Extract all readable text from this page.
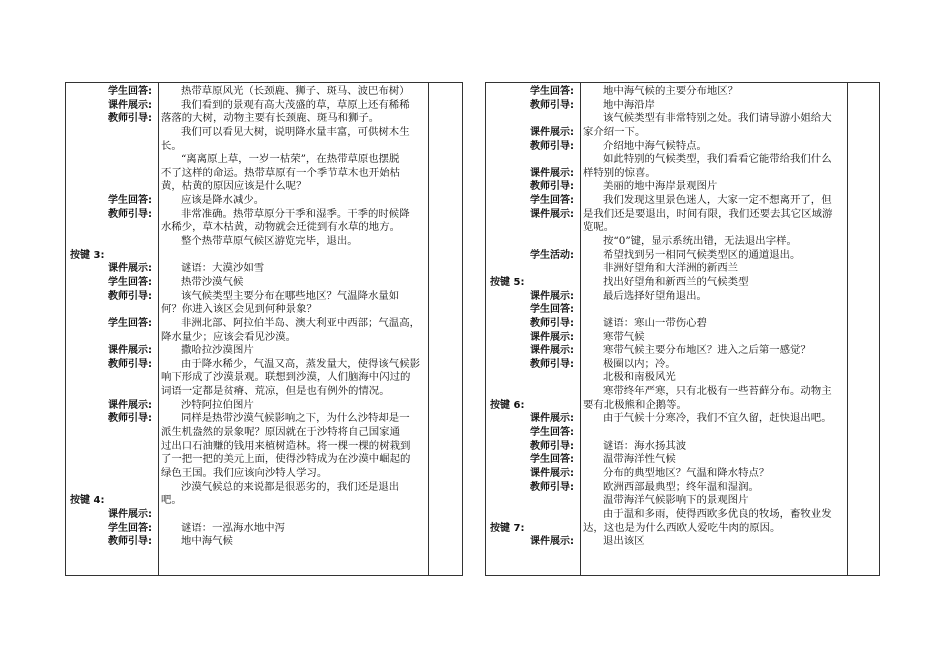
学生回答:	热带草原风光（长颈鹿、狮子、斑马、波巴布树）
课件展示:	我们看到的景观有高大茂盛的草，草原上还有稀稀
教师引导: 落落的大树，动物主要有长颈鹿、斑马和狮子。
我们可以看见大树，说明降水量丰富，可供树木生
长。
“离离原上草，一岁一枯荣”，在热带草原也摆脱
不了这样的命运。热带草原有一个季节草木也开始枯
黄，枯黄的原因应该是什么呢？
学生回答:	应该是降水减少。
教师引导:	非常准确。热带草原分干季和湿季。干季的时候降
水稀少，草木枯黄，动物就会迁徙到有水草的地方。
整个热带草原气候区游览完毕，退出。
按键 3:
课件展示:	谜语：大漠沙如雪
学生回答:	热带沙漠气候
教师引导:	该气候类型主要分布在哪些地区？气温降水量如
何？你进入该区会见到何种景象？
学生回答:	非洲北部、阿拉伯半岛、澳大利亚中西部；气温高，
降水量少；应该会看见沙漠。
课件展示:	撒哈拉沙漠图片
教师引导:	由于降水稀少，气温又高，蒸发量大，使得该气候影
响下形成了沙漠景观。联想到沙漠，人们脑海中闪过的
词语一定都是贫瘠、荒凉，但是也有例外的情况。
课件展示:	沙特阿拉伯图片
教师引导:	同样是热带沙漠气候影响之下，为什么沙特却是一
派生机盎然的景象呢？原因就在于沙特将自己国家通
过出口石油赚的钱用来植树造林。将一棵一棵的树栽到
了一把一把的美元上面，使得沙特成为在沙漠中崛起的
绿色王国。我们应该向沙特人学习。
沙漠气候总的来说都是很恶劣的，我们还是退出
按键 4:	吧。
课件展示:
学生回答:	谜语：一泓海水地中泻
教师引导:	地中海气候
学生回答:	地中海气候的主要分布地区？
教师引导:	地中海沿岸
该气候类型有非常特别之处。我们请导游小姐给大
课件展示: 家介绍一下。
教师引导:	介绍地中海气候特点。
如此特别的气候类型，我们看看它能带给我们什么
课件展示: 样特别的惊喜。
教师引导:	美丽的地中海岸景观图片
学生回答:	我们发现这里景色迷人，大家一定不想离开了，但
课件展示: 是我们还是要退出，时间有限，我们还要去其它区域游
览呢。
按“0”键，显示系统出错，无法退出字样。
学生活动:	希望找到另一相同气候类型区的通道退出。
非洲好望角和大洋洲的新西兰
按键 5:	找出好望角和新西兰的气候类型
课件展示:	最后选择好望角退出。
学生回答:
教师引导:	谜语：寒山一带伤心碧
课件展示:	寒带气候
课件展示:	寒带气候主要分布地区？进入之后第一感觉？
教师引导:	极圈以内；冷。
北极和南极风光
寒带终年严寒，只有北极有一些苔藓分布。动物主
按键 6:	要有北极熊和企鹅等。
课件展示:	由于气候十分寒冷，我们不宜久留，赶快退出吧。
学生回答:
教师引导:	谜语：海水扬其波
学生回答:	温带海洋性气候
课件展示:	分布的典型地区？气温和降水特点？
教师引导:	欧洲西部最典型；终年温和湿润。
温带海洋气候影响下的景观图片
由于温和多雨，使得西欧多优良的牧场，畜牧业发
按键 7:	达，这也是为什么西欧人爱吃牛肉的原因。
课件展示:	退出该区
